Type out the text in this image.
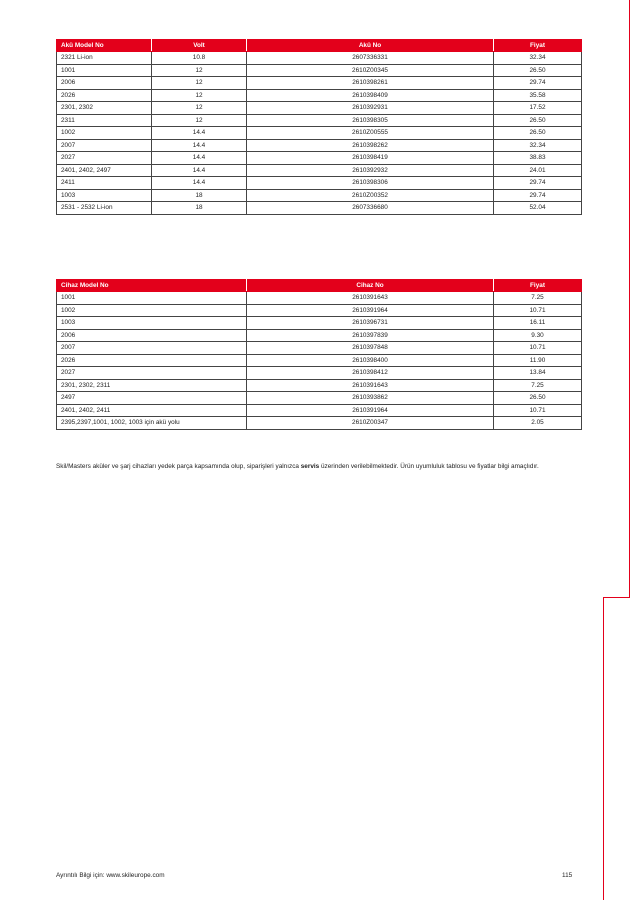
Akü Model No	Volt	Akü No	Fiyat
2321 Li-ion	10.8	2607336331	32.34
1001	12	2610Z00345	26.50
2006	12	2610398261	29.74
2026	12	2610398409	35.58
2301, 2302	12	2610392931	17.52
2311	12	2610398305	26.50
1002	14.4	2610Z00555	26.50
2007	14.4	2610398262	32.34
2027	14.4	2610398419	38.83
2401, 2402, 2497	14.4	2610392932	24.01
2411	14.4	2610398306	29.74
1003	18	2610Z00352	29.74
2531 - 2532 Li-ion	18	2607336680	52.04
Cihaz Model No	Cihaz No	Fiyat
1001	2610391643	7.25
1002	2610391964	10.71
1003	2610396731	16.11
2006	2610397839	9.30
2007	2610397848	10.71
2026	2610398400	11.90
2027	2610398412	13.84
2301, 2302, 2311	2610391643	7.25
2497	2610393862	26.50
2401, 2402, 2411	2610391964	10.71
2395,2397,1001, 1002, 1003 için akü yolu	2610Z00347	2.05
Skil/Masters aküler ve şarj cihazları yedek parça kapsamında olup, siparişleri yalnızca servis üzerinden verilebilmektedir. Ürün uyumluluk tablosu ve fiyatlar bilgi amaçlıdır.
Ayrıntılı Bilgi için: www.skileurope.com	115
